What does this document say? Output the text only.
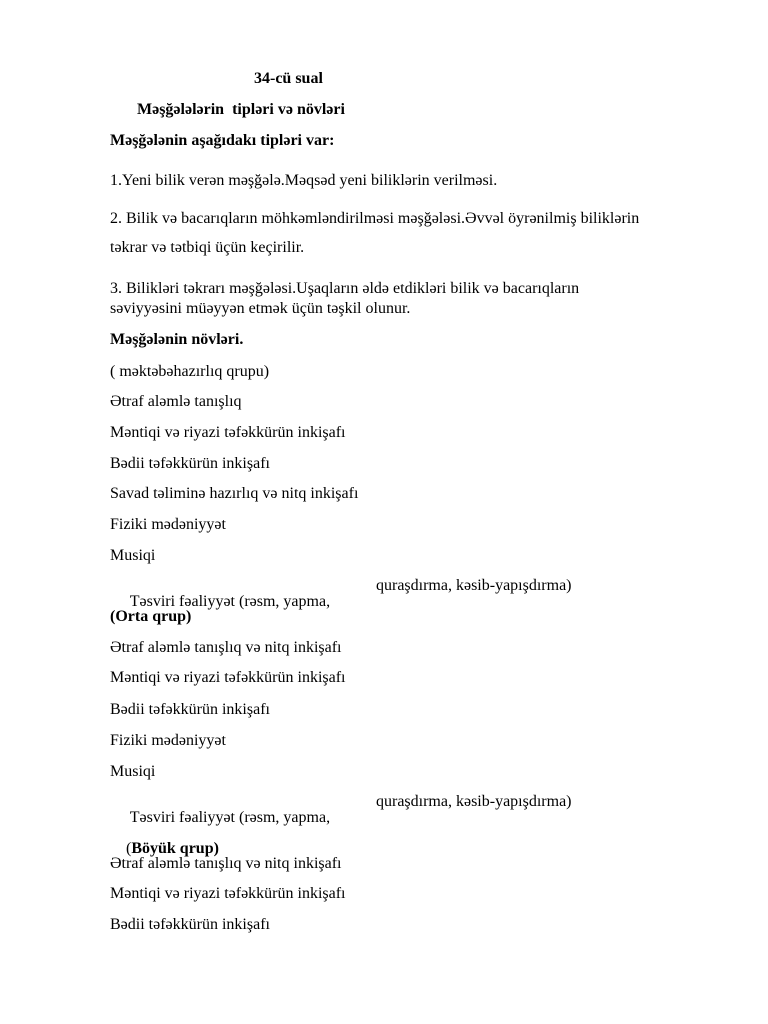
34-cü sual
Məşğələlərin  tipləri və növləri
Məşğələnin aşağıdakı tipləri var:
1.Yeni bilik verən məşğələ.Məqsəd yeni biliklərin verilməsi.
2. Bilik və bacarıqların möhkəmləndirilməsi məşğələsi.Əvvəl öyrənilmiş biliklərin
təkrar və tətbiqi üçün keçirilir.
3. Bilikləri təkrarı məşğələsi.Uşaqların əldə etdikləri bilik və bacarıqların
səviyyəsini müəyyən etmək üçün təşkil olunur.
Məşğələnin növləri.
( məktəbəhazırlıq qrupu)
Ətraf aləmlə tanışlıq
Məntiqi və riyazi təfəkkürün inkişafı
Bədii təfəkkürün inkişafı
Savad təliminə hazırlıq və nitq inkişafı
Fiziki mədəniyyət
Musiqi

Təsviri fəaliyyət (rəsm, yapma,

quraşdırma, kəsib-yapışdırma)

(Orta qrup)
Ətraf aləmlə tanışlıq və nitq inkişafı
Məntiqi və riyazi təfəkkürün inkişafı
Bədii təfəkkürün inkişafı
Fiziki mədəniyyət
Musiqi

Təsviri fəaliyyət (rəsm, yapma,

quraşdırma, kəsib-yapışdırma)

(Böyük qrup)

Ətraf aləmlə tanışlıq və nitq inkişafı
Məntiqi və riyazi təfəkkürün inkişafı
Bədii təfəkkürün inkişafı
